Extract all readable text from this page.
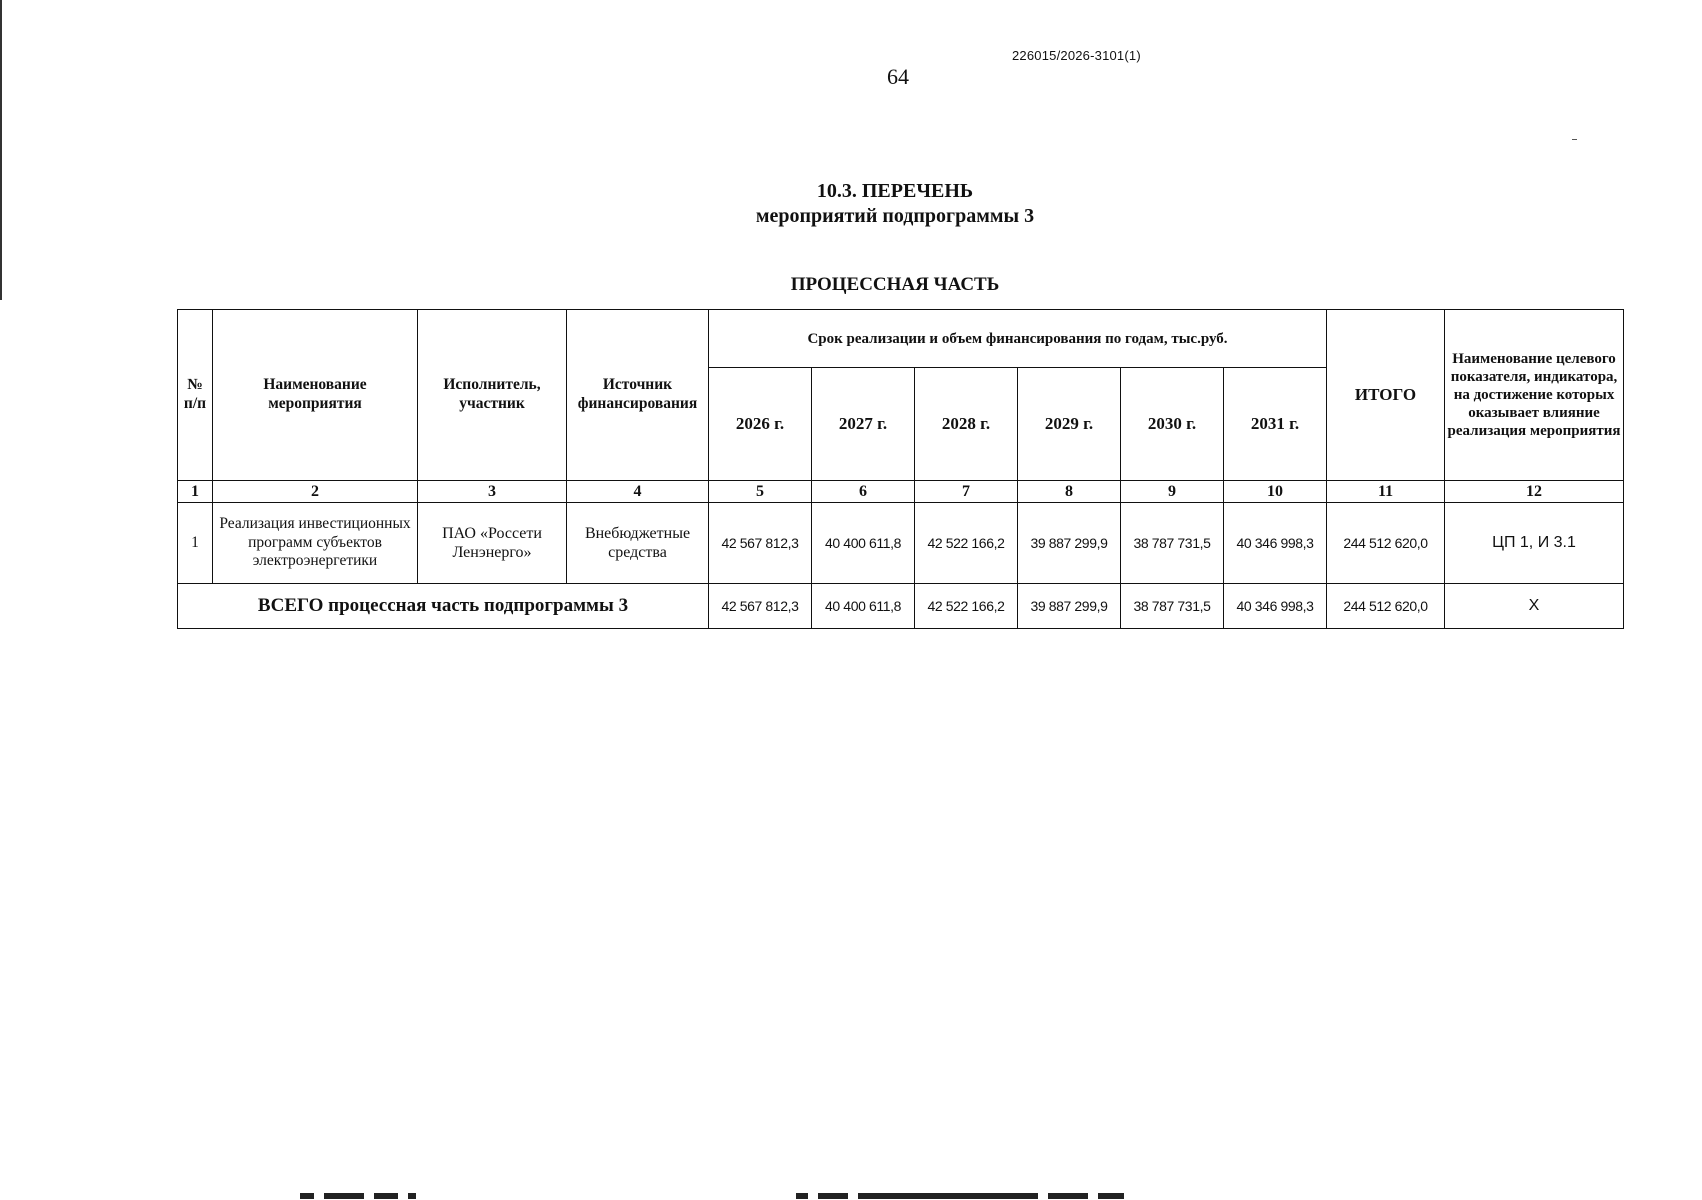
226015/2026-3101(1)
64
10.3. ПЕРЕЧЕНЬ
мероприятий подпрограммы 3
ПРОЦЕССНАЯ ЧАСТЬ
№ п/п	Наименование мероприятия	Исполнитель, участник	Источник финансирования	Срок реализации и объем финансирования по годам, тыс.руб.						ИТОГО	Наименование целевого показателя, индикатора, на достижение которых оказывает влияние реализация мероприятия
				2026 г.	2027 г.	2028 г.	2029 г.	2030 г.	2031 г.		
1	2	3	4	5	6	7	8	9	10	11	12
1	Реализация инвестиционных программ субъектов электроэнергетики	ПАО «Россети Ленэнерго»	Внебюджетные средства	42 567 812,3	40 400 611,8	42 522 166,2	39 887 299,9	38 787 731,5	40 346 998,3	244 512 620,0	ЦП 1, И 3.1
ВСЕГО процессная часть подпрограммы 3				42 567 812,3	40 400 611,8	42 522 166,2	39 887 299,9	38 787 731,5	40 346 998,3	244 512 620,0	X
